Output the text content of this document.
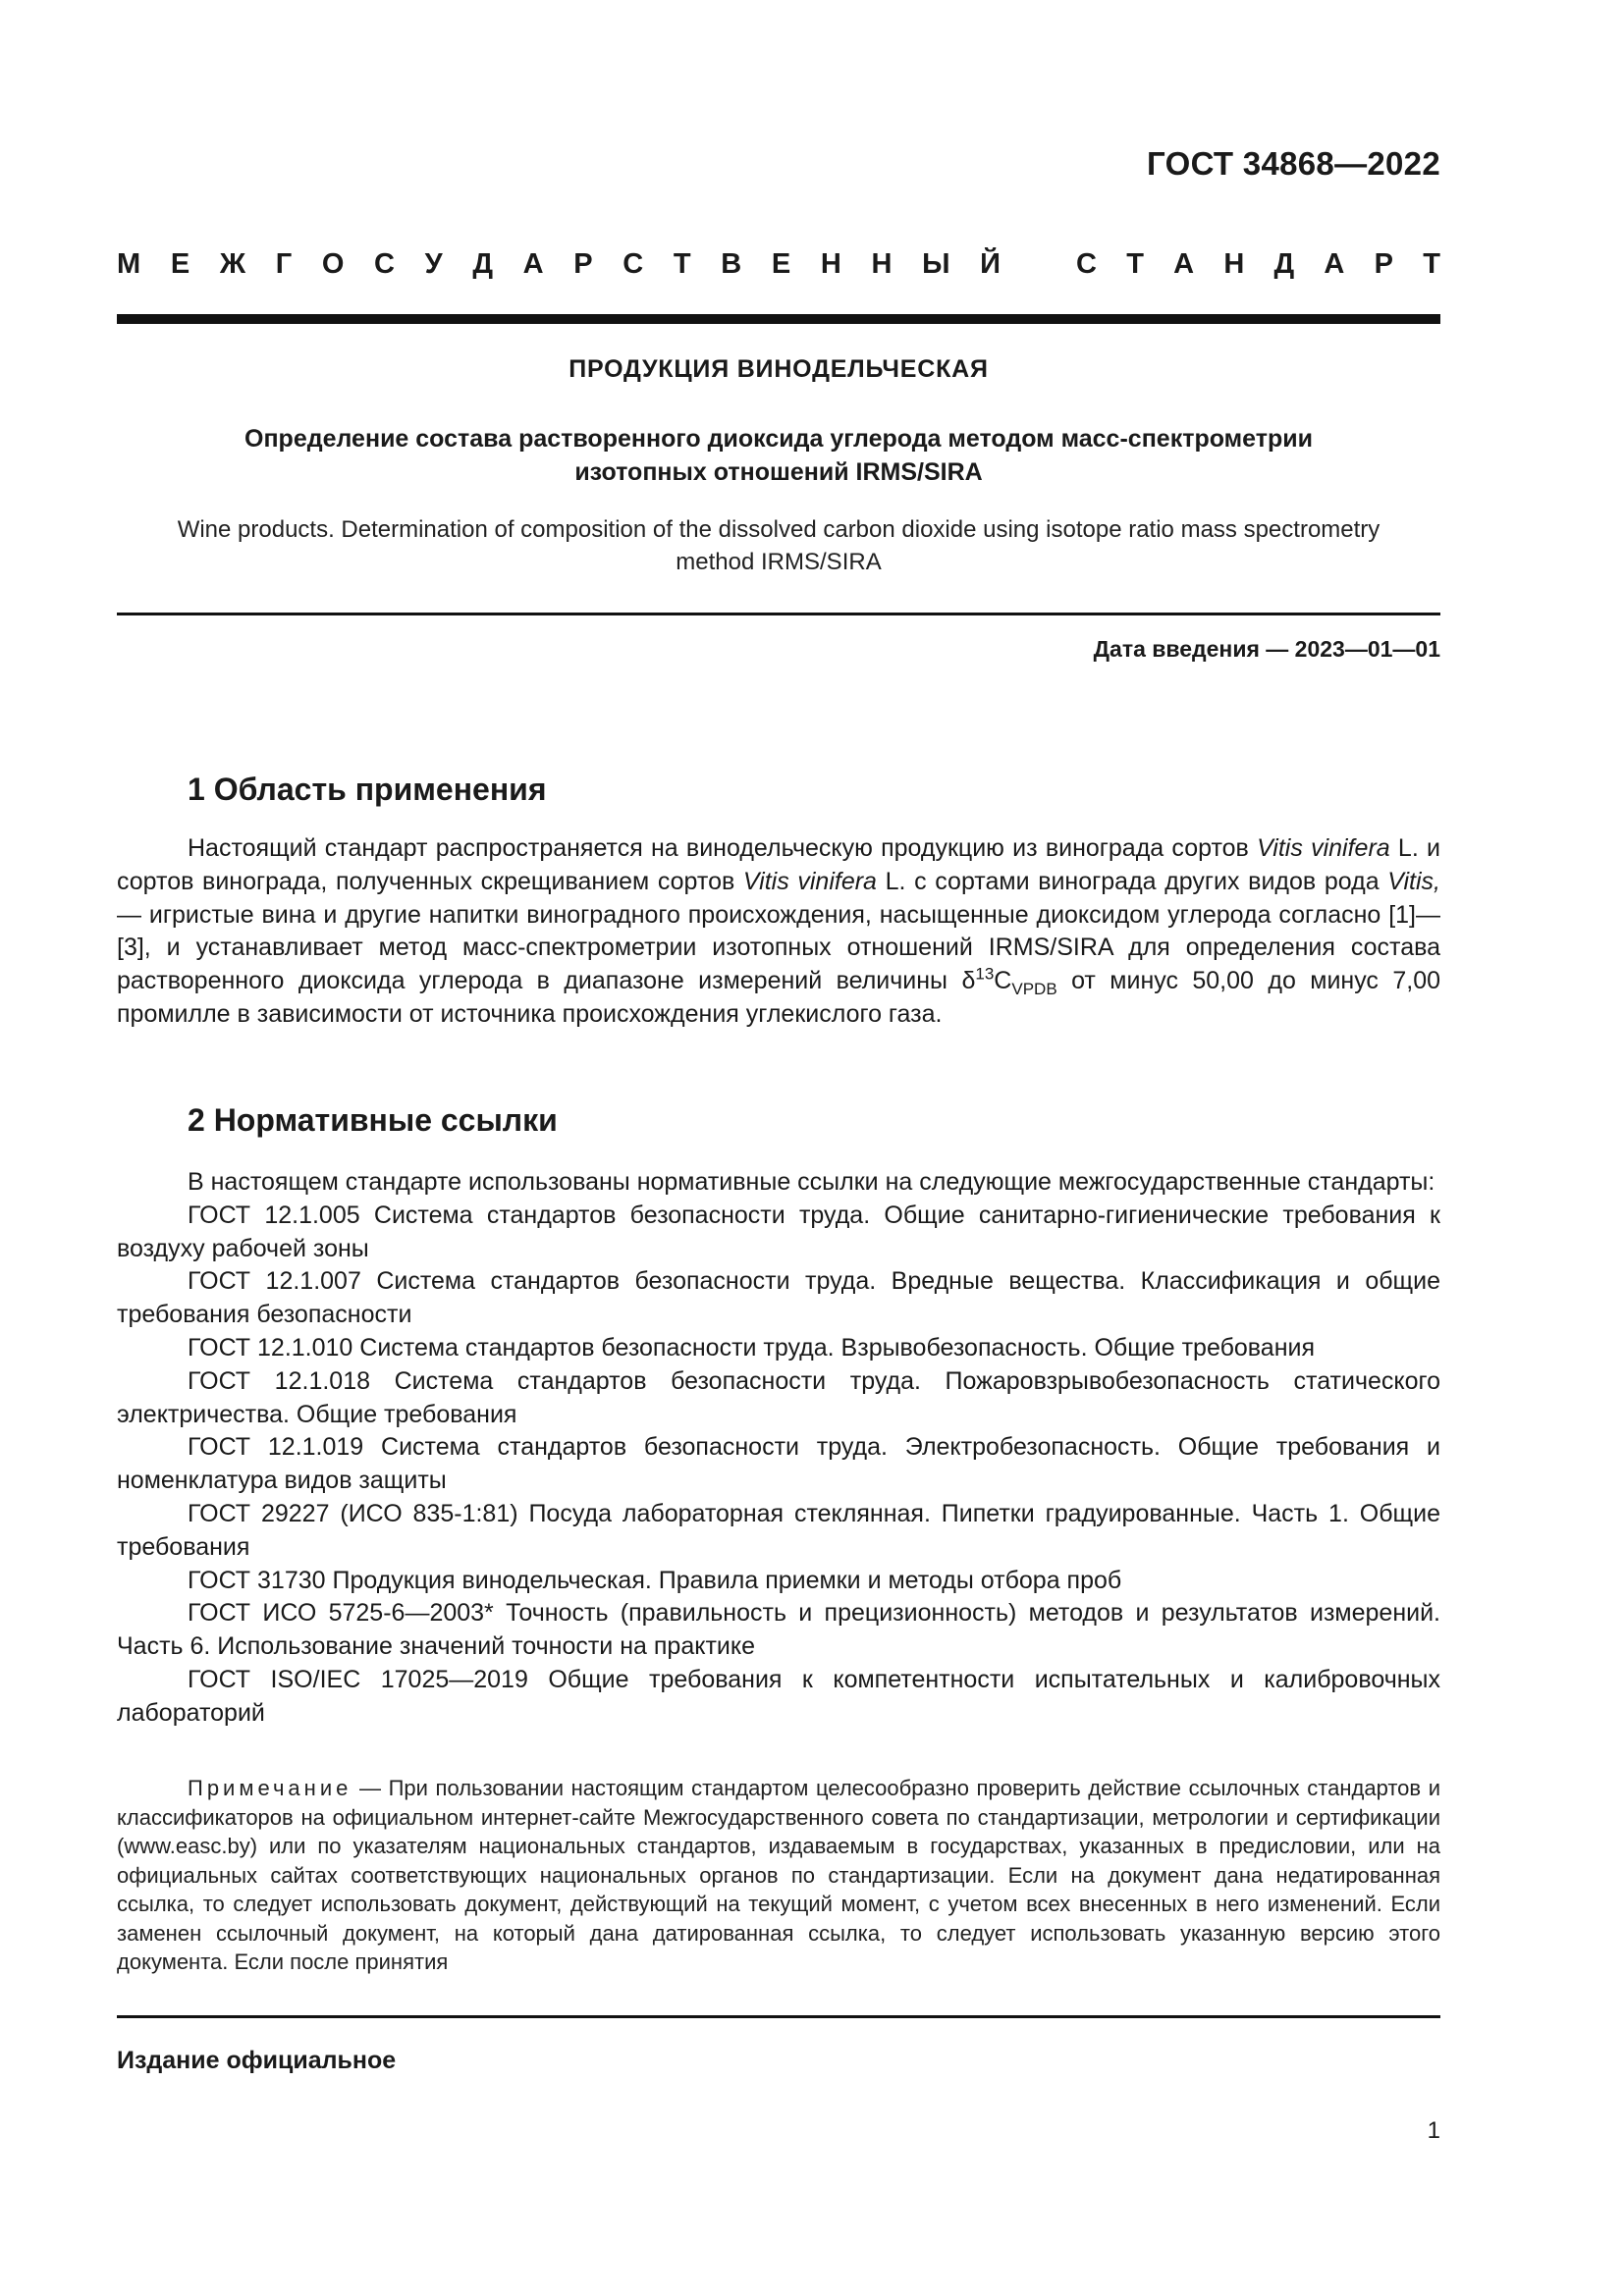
ГОСТ 34868—2022
М Е Ж Г О С У Д А Р С Т В Е Н Н Ы Й	С Т А Н Д А Р Т
ПРОДУКЦИЯ ВИНОДЕЛЬЧЕСКАЯ
Определение состава растворенного диоксида углерода методом масс-спектрометрии
изотопных отношений IRMS/SIRA
Wine products. Determination of composition of the dissolved carbon dioxide using isotope ratio mass spectrometry
method IRMS/SIRA
Дата введения — 2023—01—01
1 Область применения

Настоящий стандарт распространяется на винодельческую продукцию из винограда сортов Vitis vinifera L. и сортов винограда, полученных скрещиванием сортов Vitis vinifera L. с сортами винограда других видов рода Vitis, — игристые вина и другие напитки виноградного происхождения, насыщенные диоксидом углерода согласно [1]—[3], и устанавливает метод масс-спектрометрии изотопных отношений IRMS/SIRA для определения состава растворенного диоксида углерода в диапазоне измерений величины $\delta^{13}C_{VPDB}$ от минус 50,00 до минус 7,00 промилле в зависимости от источника происхождения углекислого газа.

2 Нормативные ссылки

В настоящем стандарте использованы нормативные ссылки на следующие межгосударственные стандарты:

ГОСТ 12.1.005 Система стандартов безопасности труда. Общие санитарно-гигиенические требования к воздуху рабочей зоны

ГОСТ 12.1.007 Система стандартов безопасности труда. Вредные вещества. Классификация и общие требования безопасности

ГОСТ 12.1.010 Система стандартов безопасности труда. Взрывобезопасность. Общие требования

ГОСТ 12.1.018 Система стандартов безопасности труда. Пожаровзрывобезопасность статического электричества. Общие требования

ГОСТ 12.1.019 Система стандартов безопасности труда. Электробезопасность. Общие требования и номенклатура видов защиты

ГОСТ 29227 (ИСО 835-1:81) Посуда лабораторная стеклянная. Пипетки градуированные. Часть 1. Общие требования

ГОСТ 31730 Продукция винодельческая. Правила приемки и методы отбора проб

ГОСТ ИСО 5725-6—2003* Точность (правильность и прецизионность) методов и результатов измерений. Часть 6. Использование значений точности на практике

ГОСТ ISO/IEC 17025—2019 Общие требования к компетентности испытательных и калибровочных лабораторий

Примечание — При пользовании настоящим стандартом целесообразно проверить действие ссылочных стандартов и классификаторов на официальном интернет-сайте Межгосударственного совета по стандартизации, метрологии и сертификации (www.easc.by) или по указателям национальных стандартов, издаваемым в государствах, указанных в предисловии, или на официальных сайтах соответствующих национальных органов по стандартизации. Если на документ дана недатированная ссылка, то следует использовать документ, действующий на текущий момент, с учетом всех внесенных в него изменений. Если заменен ссылочный документ, на который дана датированная ссылка, то следует использовать указанную версию этого документа. Если после принятия
Издание официальное
1
